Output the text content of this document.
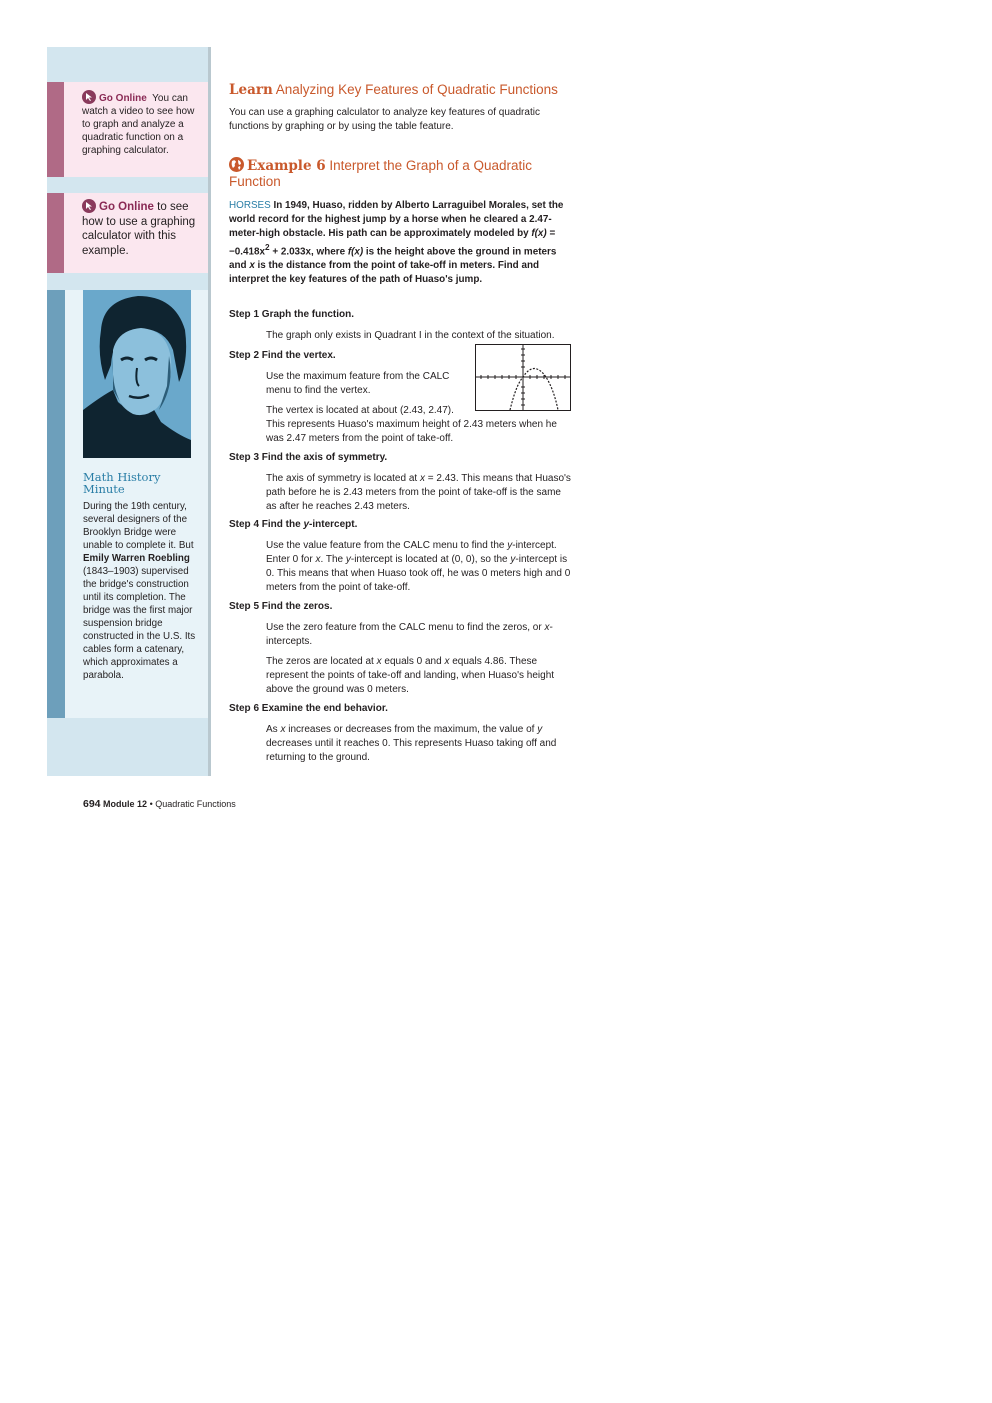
Go Online You can watch a video to see how to graph and analyze a quadratic function on a graphing calculator.
Go Online to see how to use a graphing calculator with this example.
Math History
Minute
During the 19th century, several designers of the Brooklyn Bridge were unable to complete it. But Emily Warren Roebling (1843–1903) supervised the bridge's construction until its completion. The bridge was the first major suspension bridge constructed in the U.S. Its cables form a catenary, which approximates a parabola.
Learn Analyzing Key Features of Quadratic Functions
You can use a graphing calculator to analyze key features of quadratic functions by graphing or by using the table feature.
Example 6 Interpret the Graph of a Quadratic Function
HORSES In 1949, Huaso, ridden by Alberto Larraguibel Morales, set the world record for the highest jump by a horse when he cleared a 2.47-meter-high obstacle. His path can be approximately modeled by $f(x) = -0.418x^2 + 2.033x$, where f(x) is the height above the ground in meters and x is the distance from the point of take-off in meters. Find and interpret the key features of the path of Huaso's jump.
Step 1 Graph the function.
The graph only exists in Quadrant I in the context of the situation.
Step 2 Find the vertex.
Use the maximum feature from the CALC menu to find the vertex.
The vertex is located at about (2.43, 2.47).
This represents Huaso's maximum height of 2.43 meters when he was 2.47 meters from the point of take-off.
Step 3 Find the axis of symmetry.
The axis of symmetry is located at x = 2.43. This means that Huaso's path before he is 2.43 meters from the point of take-off is the same as after he reaches 2.43 meters.
Step 4 Find the y-intercept.
Use the value feature from the CALC menu to find the y-intercept. Enter 0 for x. The y-intercept is located at (0, 0), so the y-intercept is 0. This means that when Huaso took off, he was 0 meters high and 0 meters from the point of take-off.
Step 5 Find the zeros.
Use the zero feature from the CALC menu to find the zeros, or x-intercepts.
The zeros are located at x equals 0 and x equals 4.86. These represent the points of take-off and landing, when Huaso's height above the ground was 0 meters.
Step 6 Examine the end behavior.
As x increases or decreases from the maximum, the value of y decreases until it reaches 0. This represents Huaso taking off and returning to the ground.
694 Module 12 • Quadratic Functions
